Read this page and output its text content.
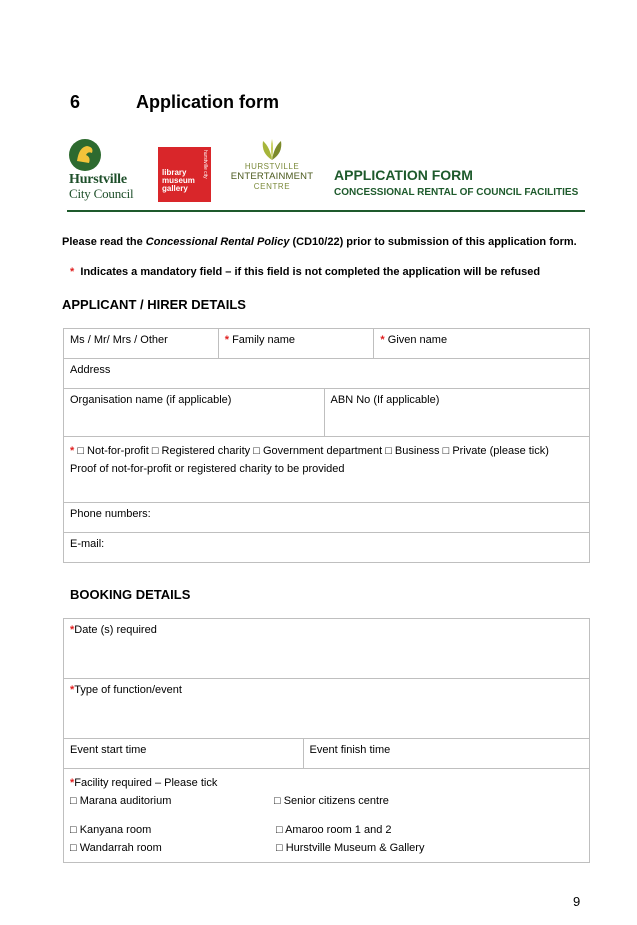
6	Application form
Hurstville
City Council
hurstville city
library
museum
gallery
HURSTVILLE
ENTERTAINMENT
CENTRE
APPLICATION FORM
CONCESSIONAL RENTAL OF COUNCIL FACILITIES
Please read the Concessional Rental Policy (CD10/22) prior to submission of this application form.
* Indicates a mandatory field – if this field is not completed the application will be refused
APPLICANT / HIRER DETAILS
Ms / Mr/ Mrs / Other	* Family name		* Given name
Address			
Organisation name (if applicable)		ABN No (If applicable)	
* □ Not-for-profit □ Registered charity □ Government department □ Business □ Private (please tick)
Proof of not-for-profit or registered charity to be provided			
Phone numbers:			
E-mail:			
BOOKING DETAILS
*Date (s) required
*Type of function/event
Event start time	Event finish time

*Facility required – Please tick
□ Marana auditorium	□ Senior citizens centre
□ Kanyana room	□ Amaroo room 1 and 2
□ Wandarrah room	□ Hurstville Museum & Gallery
9
